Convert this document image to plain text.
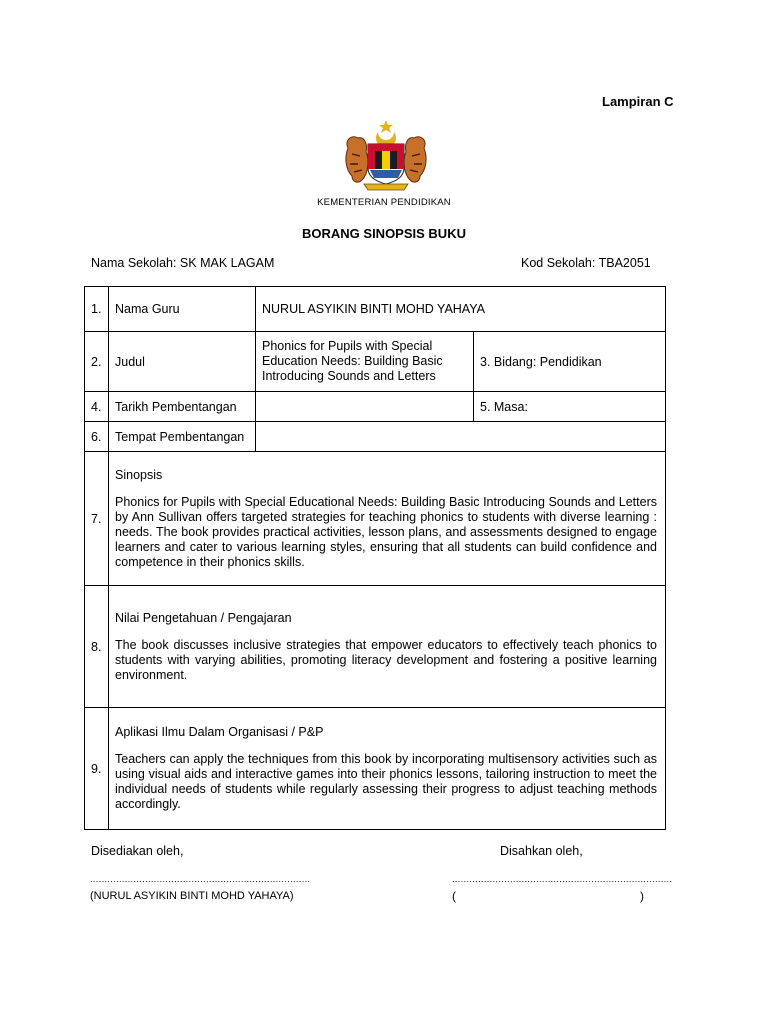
Lampiran C
KEMENTERIAN PENDIDIKAN
BORANG SINOPSIS BUKU
Nama Sekolah: SK MAK LAGAM	Kod Sekolah: TBA2051
1.	Nama Guru	NURUL ASYIKIN BINTI MOHD YAHAYA	
2.	Judul	Phonics for Pupils with Special Education Needs: Building Basic Introducing Sounds and Letters	3. Bidang: Pendidikan
4.	Tarikh Pembentangan		5. Masa:
6.	Tempat Pembentangan		
7.	Sinopsis
Phonics for Pupils with Special Educational Needs: Building Basic Introducing Sounds and Letters by Ann Sullivan offers targeted strategies for teaching phonics to students with diverse learning : needs. The book provides practical activities, lesson plans, and assessments designed to engage learners and cater to various learning styles, ensuring that all students can build confidence and competence in their phonics skills.		

8.	Nilai Pengetahuan / Pengajaran
The book discusses inclusive strategies that empower educators to effectively teach phonics to students with varying abilities, promoting literacy development and fostering a positive learning environment.		

9.	Aplikasi Ilmu Dalam Organisasi / P&P
Teachers can apply the techniques from this book by incorporating multisensory activities such as using visual aids and interactive games into their phonics lessons, tailoring instruction to meet the individual needs of students while regularly assessing their progress to adjust teaching methods accordingly.		
Disediakan oleh,	Disahkan oleh,
............................................................................	............................................................................
(NURUL ASYIKIN BINTI MOHD YAHAYA)	(	)
